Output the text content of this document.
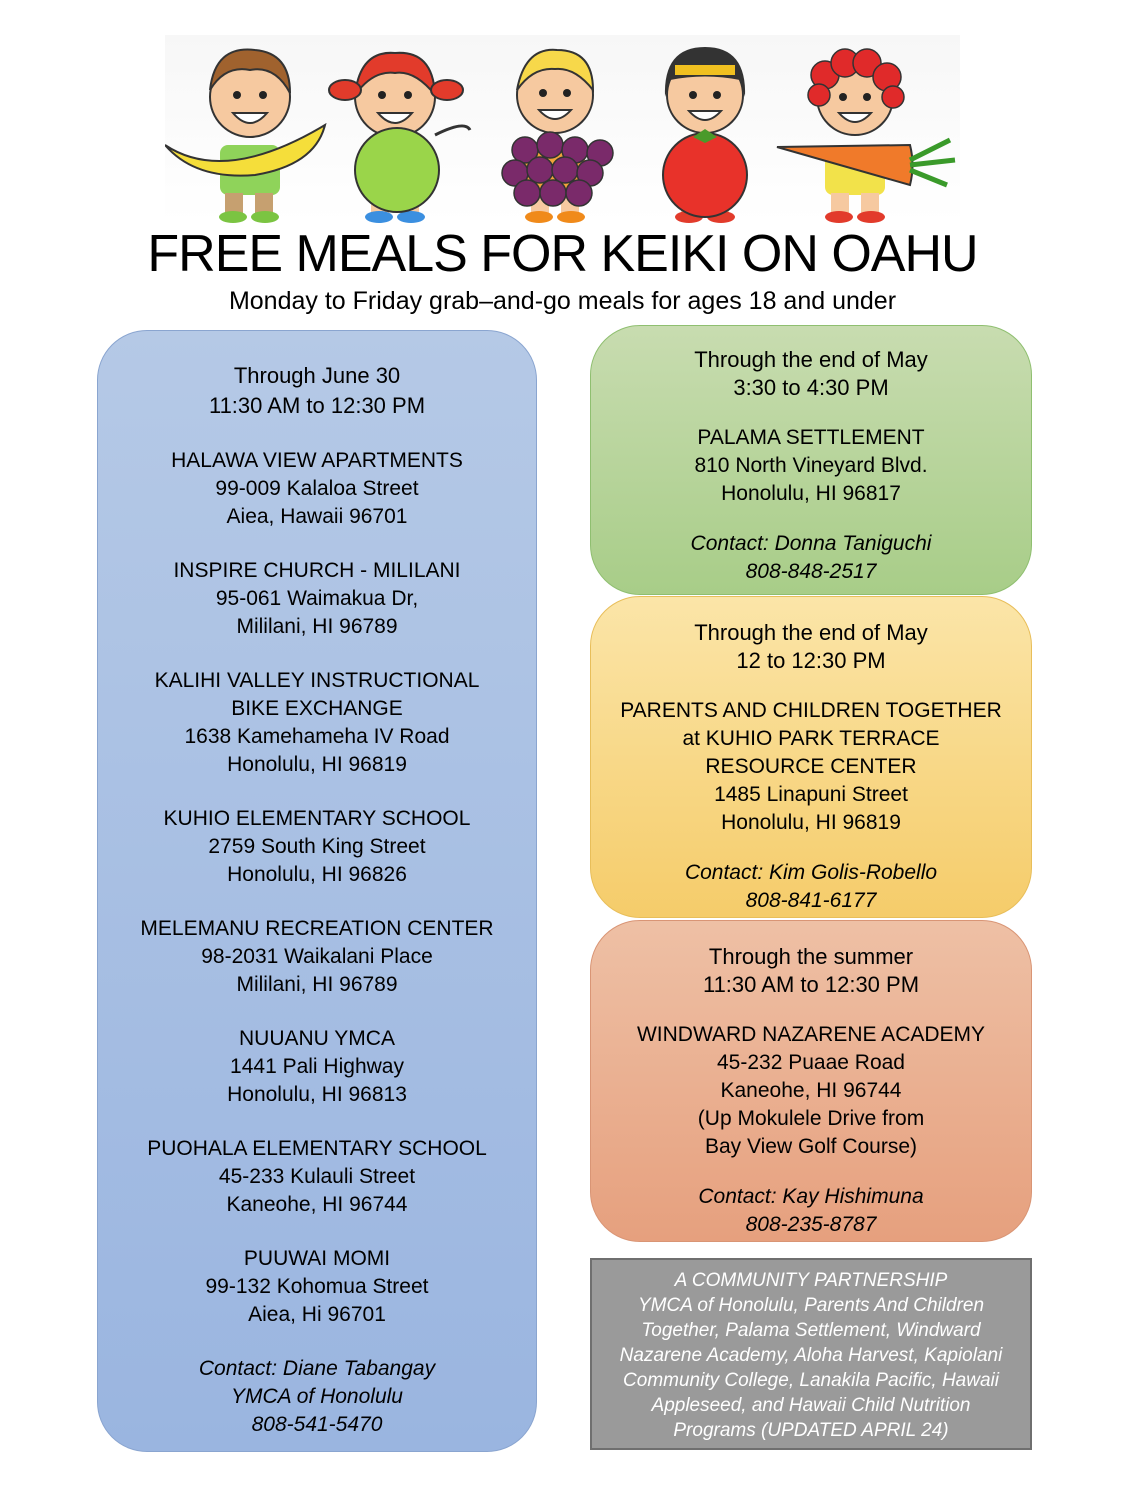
FREE MEALS FOR KEIKI ON OAHU
Monday to Friday grab–and-go meals for ages 18 and under
Through June 30
11:30 AM to 12:30 PM
HALAWA VIEW APARTMENTS
99-009 Kalaloa Street
Aiea, Hawaii 96701
INSPIRE CHURCH - MILILANI
95-061 Waimakua Dr,
Mililani, HI 96789
KALIHI VALLEY INSTRUCTIONAL
BIKE EXCHANGE
1638 Kamehameha IV Road
Honolulu, HI 96819
KUHIO ELEMENTARY SCHOOL
2759 South King Street
Honolulu, HI 96826
MELEMANU RECREATION CENTER
98-2031 Waikalani Place
Mililani, HI 96789
NUUANU YMCA
1441 Pali Highway
Honolulu, HI 96813
PUOHALA ELEMENTARY SCHOOL
45-233 Kulauli Street
Kaneohe, HI 96744
PUUWAI MOMI
99-132 Kohomua Street
Aiea, Hi 96701
Contact: Diane Tabangay
YMCA of Honolulu
808-541-5470
Through the end of May
3:30 to 4:30 PM
PALAMA SETTLEMENT
810 North Vineyard Blvd.
Honolulu, HI 96817
Contact: Donna Taniguchi
808-848-2517
Through the end of May
12 to 12:30 PM
PARENTS AND CHILDREN TOGETHER
at KUHIO PARK TERRACE
RESOURCE CENTER
1485 Linapuni Street
Honolulu, HI 96819
Contact: Kim Golis-Robello
808-841-6177
Through the summer
11:30 AM to 12:30 PM
WINDWARD NAZARENE ACADEMY
45-232 Puaae Road
Kaneohe, HI 96744
(Up Mokulele Drive from
Bay View Golf Course)
Contact: Kay Hishimuna
808-235-8787
A COMMUNITY PARTNERSHIP
YMCA of Honolulu, Parents And Children
Together, Palama Settlement, Windward
Nazarene Academy, Aloha Harvest, Kapiolani
Community College, Lanakila Pacific, Hawaii
Appleseed, and Hawaii Child Nutrition
Programs (UPDATED APRIL 24)
